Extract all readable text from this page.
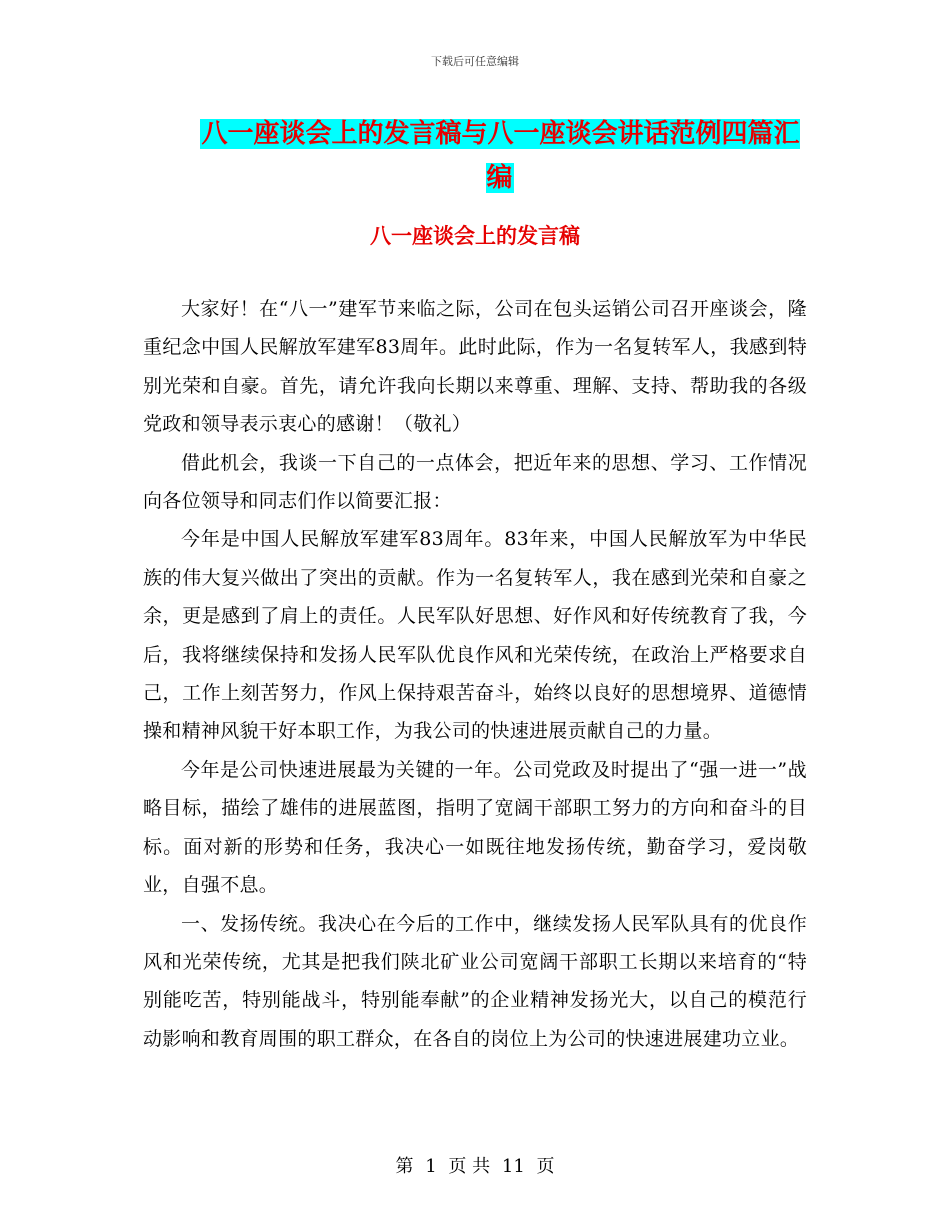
下载后可任意编辑
八一座谈会上的发言稿与八一座谈会讲话范例四篇汇编
八一座谈会上的发言稿

大家好！在“八一”建军节来临之际，公司在包头运销公司召开座谈会，隆重纪念中国人民解放军建军83周年。此时此际，作为一名复转军人，我感到特别光荣和自豪。首先，请允许我向长期以来尊重、理解、支持、帮助我的各级党政和领导表示衷心的感谢！（敬礼）

借此机会，我谈一下自己的一点体会，把近年来的思想、学习、工作情况向各位领导和同志们作以简要汇报：

今年是中国人民解放军建军83周年。83年来，中国人民解放军为中华民族的伟大复兴做出了突出的贡献。作为一名复转军人，我在感到光荣和自豪之余，更是感到了肩上的责任。人民军队好思想、好作风和好传统教育了我，今后，我将继续保持和发扬人民军队优良作风和光荣传统，在政治上严格要求自己，工作上刻苦努力，作风上保持艰苦奋斗，始终以良好的思想境界、道德情操和精神风貌干好本职工作，为我公司的快速进展贡献自己的力量。

今年是公司快速进展最为关键的一年。公司党政及时提出了“强一进一”战略目标，描绘了雄伟的进展蓝图，指明了宽阔干部职工努力的方向和奋斗的目标。面对新的形势和任务，我决心一如既往地发扬传统，勤奋学习，爱岗敬业，自强不息。

一、发扬传统。我决心在今后的工作中，继续发扬人民军队具有的优良作风和光荣传统，尤其是把我们陕北矿业公司宽阔干部职工长期以来培育的“特别能吃苦，特别能战斗，特别能奉献”的企业精神发扬光大，以自己的模范行动影响和教育周围的职工群众，在各自的岗位上为公司的快速进展建功立业。

第 1 页 共 11 页
